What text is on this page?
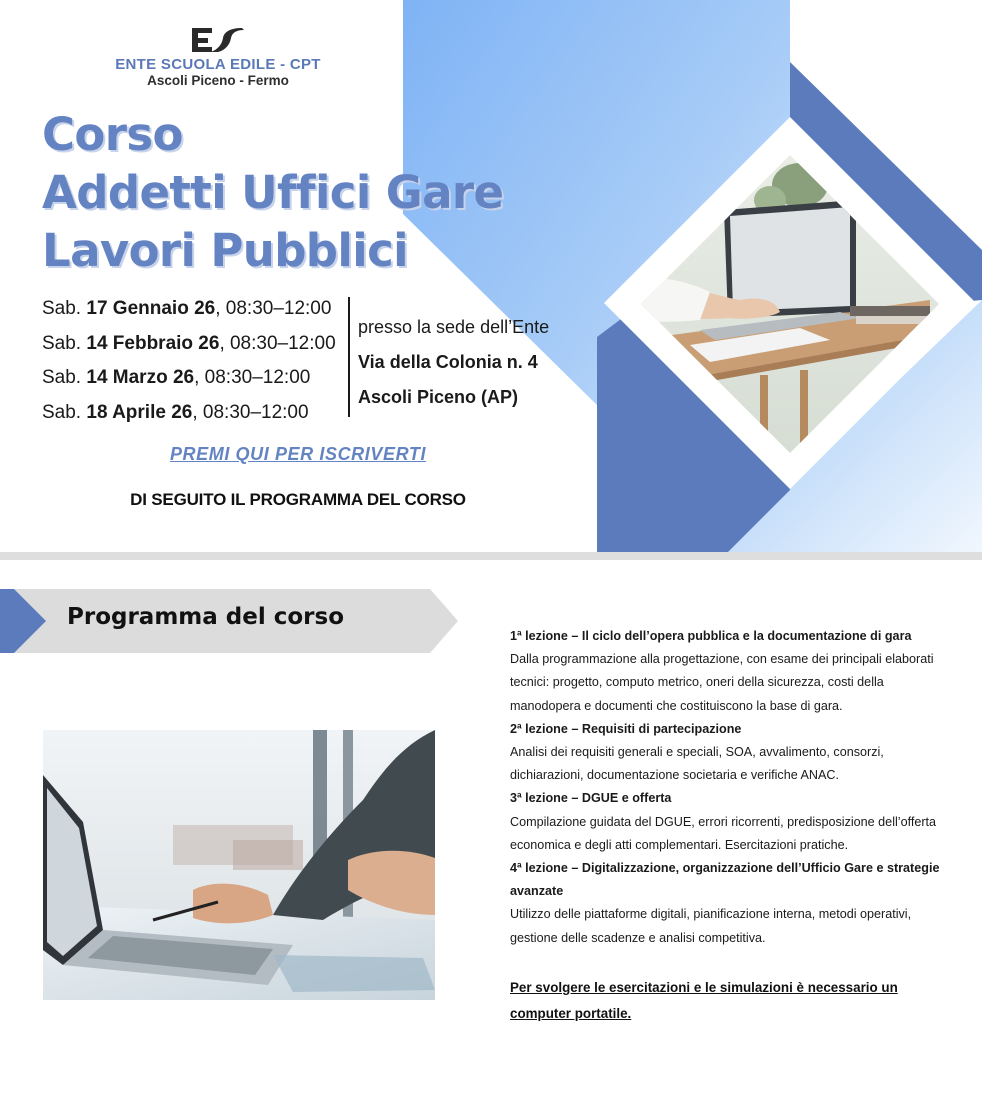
ENTE SCUOLA EDILE - CPT
Ascoli Piceno - Fermo
Corso
Addetti Uffici Gare
Lavori Pubblici
Sab. 17 Gennaio 26, 08:30–12:00
Sab. 14 Febbraio 26, 08:30–12:00
Sab. 14 Marzo 26, 08:30–12:00
Sab. 18 Aprile 26, 08:30–12:00
presso la sede dell’Ente
Via della Colonia n. 4
Ascoli Piceno (AP)
PREMI QUI PER ISCRIVERTI
DI SEGUITO IL PROGRAMMA DEL CORSO
Programma del corso
1ª lezione – Il ciclo dell’opera pubblica e la documentazione di gara
Dalla programmazione alla progettazione, con esame dei principali elaborati tecnici: progetto, computo metrico, oneri della sicurezza, costi della manodopera e documenti che costituiscono la base di gara.
2ª lezione – Requisiti di partecipazione
Analisi dei requisiti generali e speciali, SOA, avvalimento, consorzi, dichiarazioni, documentazione societaria e verifiche ANAC.
3ª lezione – DGUE e offerta
Compilazione guidata del DGUE, errori ricorrenti, predisposizione dell’offerta economica e degli atti complementari. Esercitazioni pratiche.
4ª lezione – Digitalizzazione, organizzazione dell’Ufficio Gare e strategie avanzate
Utilizzo delle piattaforme digitali, pianificazione interna, metodi operativi, gestione delle scadenze e analisi competitiva.
Per svolgere le esercitazioni e le simulazioni è necessario un computer portatile.
